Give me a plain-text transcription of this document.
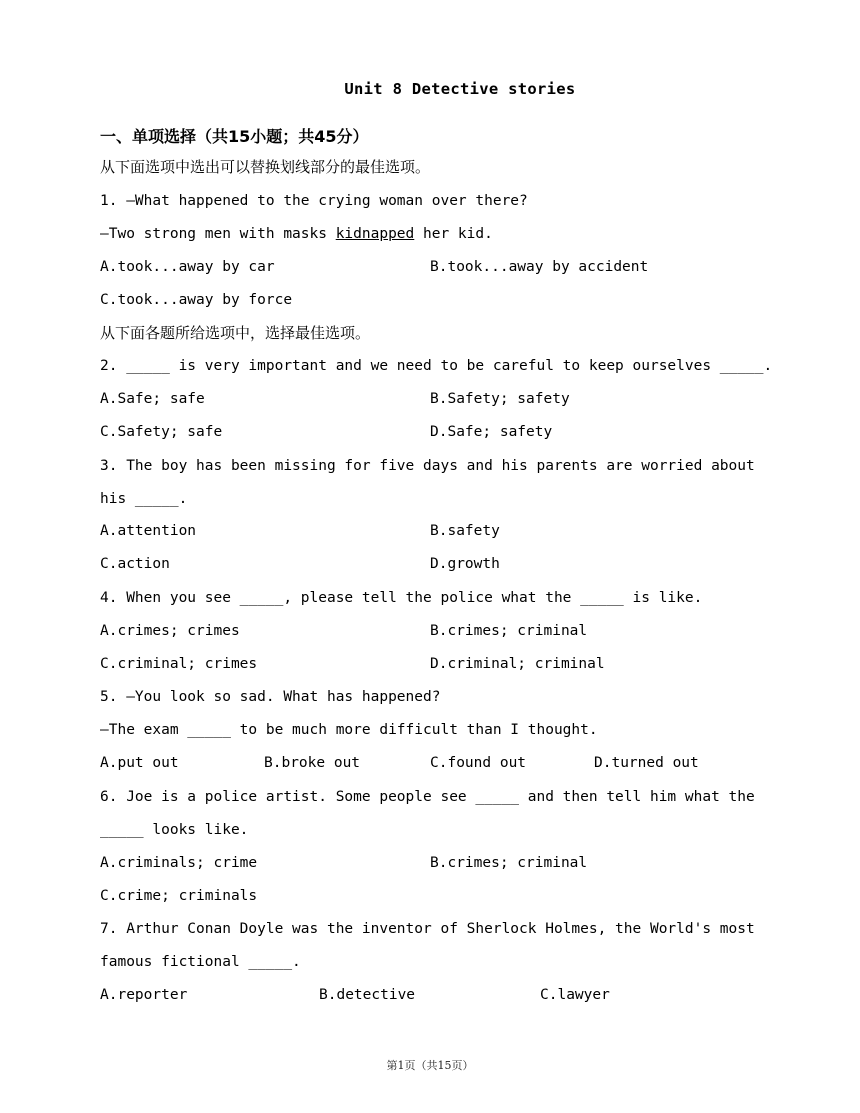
Unit 8 Detective stories
一、单项选择（共15小题；共45分）
从下面选项中选出可以替换划线部分的最佳选项。
1. —What happened to the crying woman over there?
—Two strong men with masks kidnapped her kid.
A.took...away by car	B.took...away by accident
C.took...away by force
从下面各题所给选项中，选择最佳选项。
2. _____ is very important and we need to be careful to keep ourselves _____.
A.Safe; safe	B.Safety; safety
C.Safety; safe	D.Safe; safety
3. The boy has been missing for five days and his parents are worried about
his _____.
A.attention	B.safety
C.action	D.growth
4. When you see _____, please tell the police what the _____ is like.
A.crimes; crimes	B.crimes; criminal
C.criminal; crimes	D.criminal; criminal
5. —You look so sad. What has happened?
—The exam _____ to be much more difficult than I thought.
A.put out	B.broke out	C.found out	D.turned out
6. Joe is a police artist. Some people see _____ and then tell him what the
_____ looks like.
A.criminals; crime	B.crimes; criminal
C.crime; criminals
7. Arthur Conan Doyle was the inventor of Sherlock Holmes, the World's most
famous fictional _____.
A.reporter	B.detective	C.lawyer
第1页（共15页）
